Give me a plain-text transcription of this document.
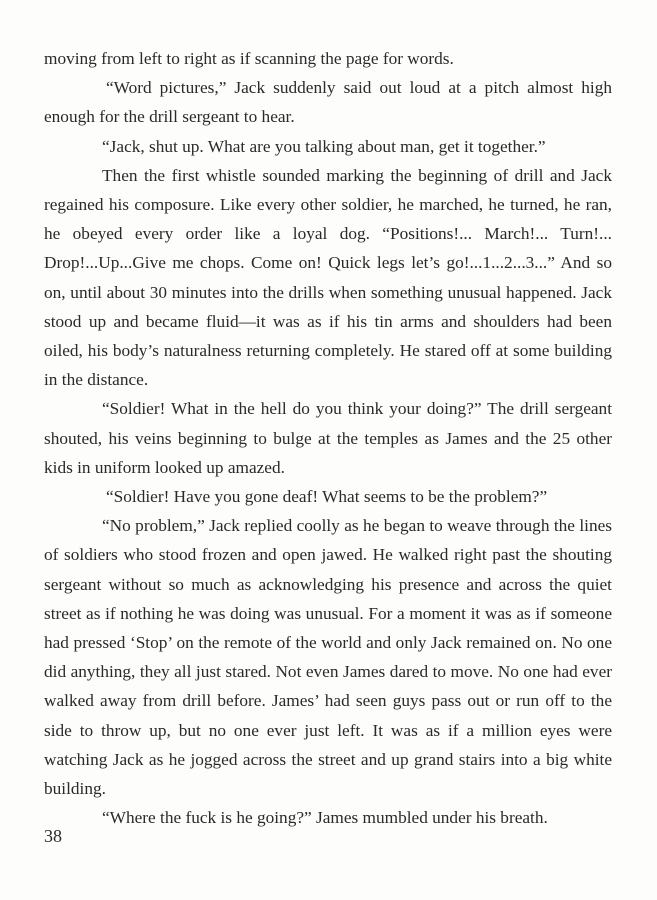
moving from left to right as if scanning the page for words.

“Word pictures,” Jack suddenly said out loud at a pitch almost high enough for the drill sergeant to hear.

“Jack, shut up. What are you talking about man, get it together.”

Then the first whistle sounded marking the beginning of drill and Jack regained his composure. Like every other soldier, he marched, he turned, he ran, he obeyed every order like a loyal dog. “Positions!... March!... Turn!... Drop!...Up...Give me chops. Come on! Quick legs let’s go!...1...2...3...” And so on, until about 30 minutes into the drills when something unusual happened. Jack stood up and became fluid—it was as if his tin arms and shoulders had been oiled, his body’s naturalness returning completely. He stared off at some building in the distance.

“Soldier! What in the hell do you think your doing?” The drill sergeant shouted, his veins beginning to bulge at the temples as James and the 25 other kids in uniform looked up amazed.

“Soldier! Have you gone deaf! What seems to be the problem?”

“No problem,” Jack replied coolly as he began to weave through the lines of soldiers who stood frozen and open jawed. He walked right past the shouting sergeant without so much as acknowledging his presence and across the quiet street as if nothing he was doing was unusual. For a moment it was as if someone had pressed ‘Stop’ on the remote of the world and only Jack remained on. No one did anything, they all just stared. Not even James dared to move. No one had ever walked away from drill before. James’ had seen guys pass out or run off to the side to throw up, but no one ever just left. It was as if a million eyes were watching Jack as he jogged across the street and up grand stairs into a big white building.

“Where the fuck is he going?” James mumbled under his breath.

38
